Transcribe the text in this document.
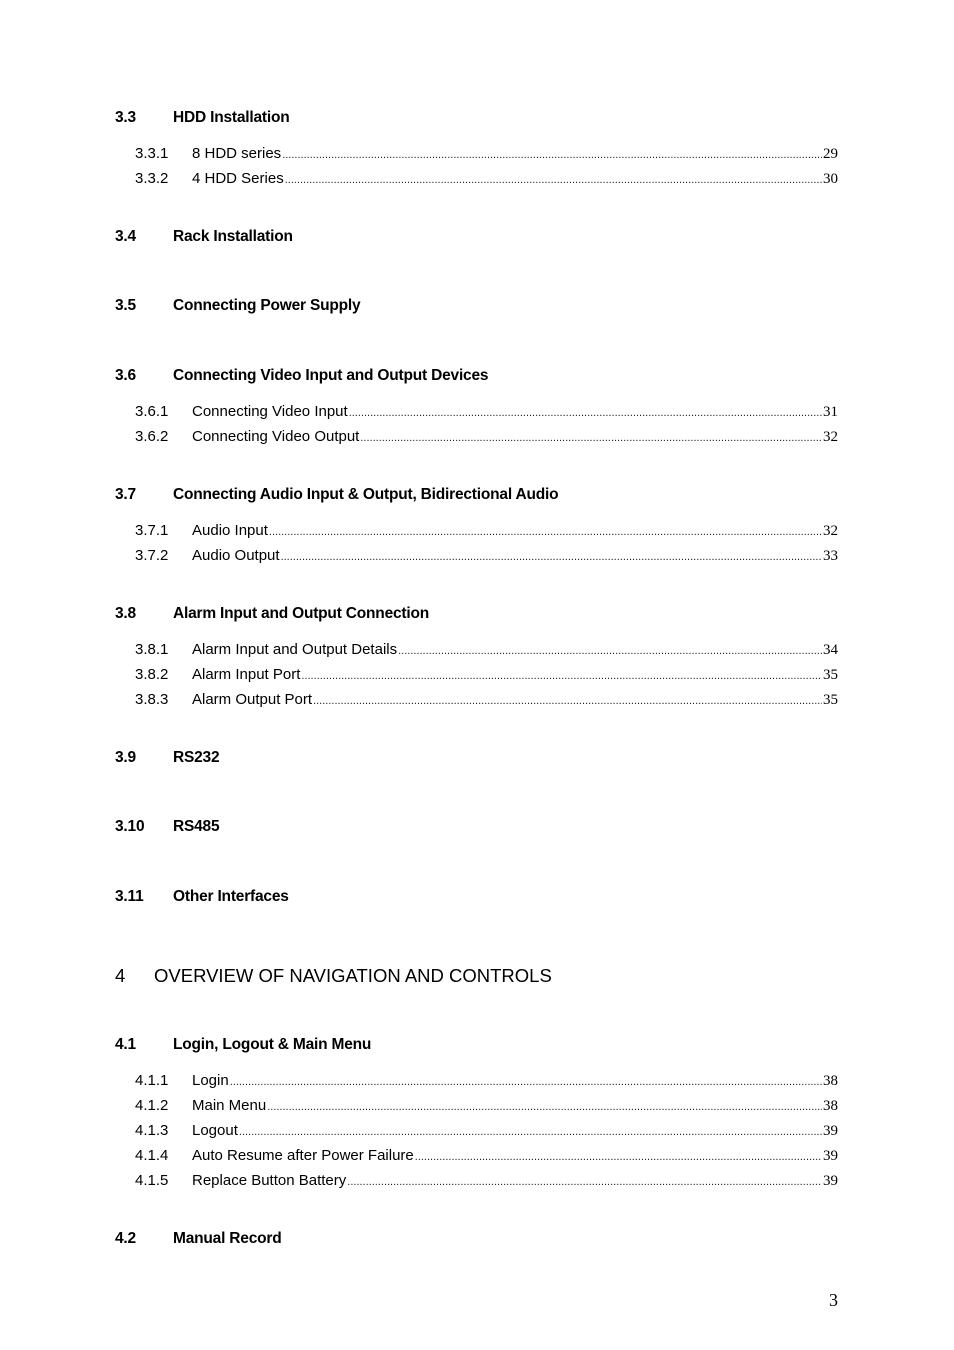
3.3 HDD Installation
3.3.1 8 HDD series .....	29
3.3.2 4 HDD Series .....	30
3.4 Rack Installation
3.5 Connecting Power Supply
3.6 Connecting Video Input and Output Devices
3.6.1 Connecting Video Input .....	31
3.6.2 Connecting Video Output .....	32
3.7 Connecting Audio Input & Output, Bidirectional Audio
3.7.1 Audio Input .....	32
3.7.2 Audio Output .....	33
3.8 Alarm Input and Output Connection
3.8.1 Alarm Input and Output Details .....	34
3.8.2 Alarm Input Port .....	35
3.8.3 Alarm Output Port .....	35
3.9 RS232
3.10 RS485
3.11 Other Interfaces
4 OVERVIEW OF NAVIGATION AND CONTROLS
4.1 Login, Logout & Main Menu
4.1.1 Login .....	38
4.1.2 Main Menu .....	38
4.1.3 Logout .....	39
4.1.4 Auto Resume after Power Failure .....	39
4.1.5 Replace Button Battery .....	39
4.2 Manual Record
3
